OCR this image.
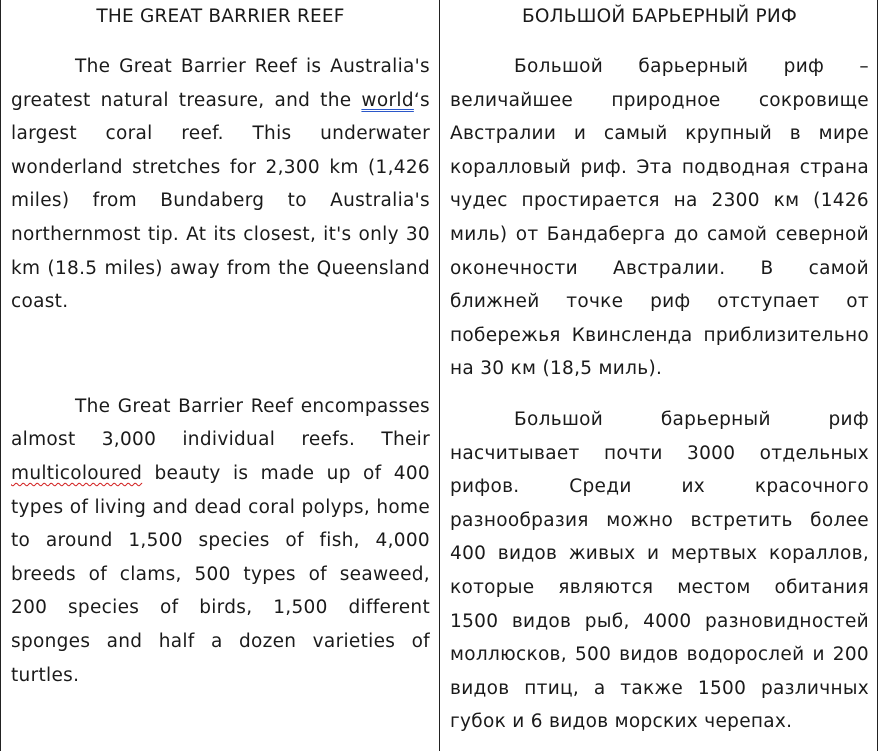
THE GREAT BARRIER REEF

The Great Barrier Reef is Australia's greatest natural treasure, and the world‘s largest coral reef. This underwater wonderland stretches for 2,300 km (1,426 miles) from Bundaberg to Australia's northernmost tip. At its closest, it's only 30 km (18.5 miles) away from the Queensland coast.

The Great Barrier Reef encompasses almost 3,000 individual reefs. Their multicoloured beauty is made up of 400 types of living and dead coral polyps, home to around 1,500 species of fish, 4,000 breeds of clams, 500 types of seaweed, 200 species of birds, 1,500 different sponges and half a dozen varieties of turtles.

БОЛЬШОЙ БАРЬЕРНЫЙ РИФ

Большой барьерный риф – величайшее природное сокровище Австралии и самый крупный в мире коралловый риф. Эта подводная страна чудес простирается на 2300 км (1426 миль) от Бандаберга до самой северной оконечности Австралии. В самой ближней точке риф отступает от побережья Квинсленда приблизительно на 30 км (18,5 миль).

Большой барьерный риф насчитывает почти 3000 отдельных рифов. Среди их красочного разнообразия можно встретить более 400 видов живых и мертвых кораллов, которые являются местом обитания 1500 видов рыб, 4000 разновидностей моллюсков, 500 видов водорослей и 200 видов птиц, а также 1500 различных губок и 6 видов морских черепах.
